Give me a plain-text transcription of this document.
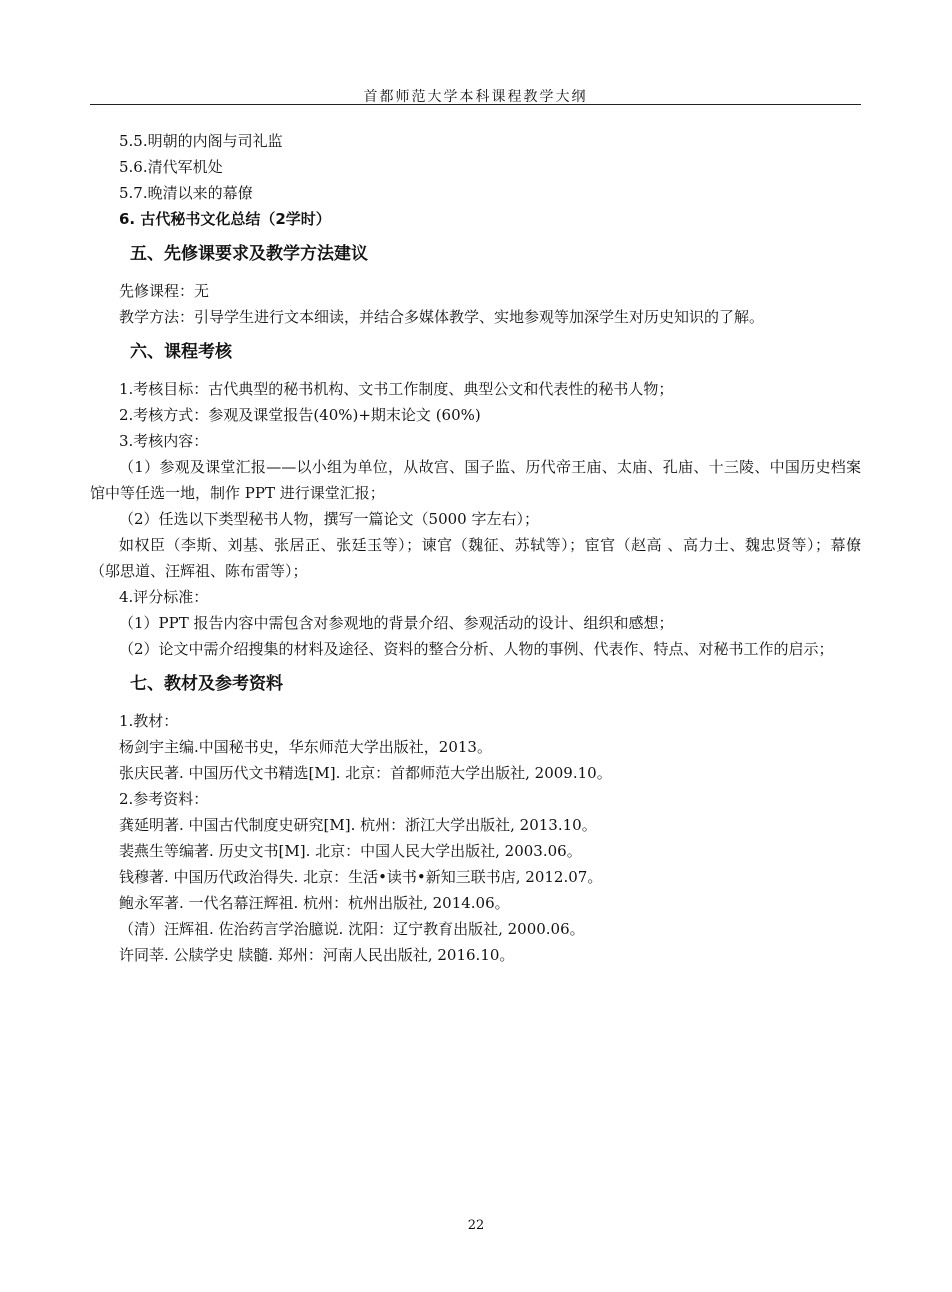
首都师范大学本科课程教学大纲
5.5.明朝的内阁与司礼监
5.6.清代军机处
5.7.晚清以来的幕僚
6. 古代秘书文化总结（2学时）
五、先修课要求及教学方法建议
先修课程：无
教学方法：引导学生进行文本细读，并结合多媒体教学、实地参观等加深学生对历史知识的了解。
六、课程考核
1.考核目标：古代典型的秘书机构、文书工作制度、典型公文和代表性的秘书人物；
2.考核方式：参观及课堂报告(40%)+期末论文 (60%)
3.考核内容：
（1）参观及课堂汇报——以小组为单位，从故宫、国子监、历代帝王庙、太庙、孔庙、十三陵、中国历史档案馆中等任选一地，制作 PPT 进行课堂汇报；
（2）任选以下类型秘书人物，撰写一篇论文（5000 字左右）；
如权臣（李斯、刘基、张居正、张廷玉等）；谏官（魏征、苏轼等）；宦官（赵高 、高力士、魏忠贤等）；幕僚（邬思道、汪辉祖、陈布雷等）；
4.评分标准：
（1）PPT 报告内容中需包含对参观地的背景介绍、参观活动的设计、组织和感想；
（2）论文中需介绍搜集的材料及途径、资料的整合分析、人物的事例、代表作、特点、对秘书工作的启示；
七、教材及参考资料
1.教材：
杨剑宇主编.中国秘书史，华东师范大学出版社，2013。
张庆民著. 中国历代文书精选[M]. 北京：首都师范大学出版社, 2009.10。
2.参考资料：
龚延明著. 中国古代制度史研究[M]. 杭州：浙江大学出版社, 2013.10。
裴燕生等编著. 历史文书[M]. 北京：中国人民大学出版社, 2003.06。
钱穆著. 中国历代政治得失. 北京：生活•读书•新知三联书店, 2012.07。
鲍永军著. 一代名幕汪辉祖. 杭州：杭州出版社, 2014.06。
（清）汪辉祖. 佐治药言学治臆说. 沈阳：辽宁教育出版社, 2000.06。
许同莘. 公牍学史 牍髓. 郑州：河南人民出版社, 2016.10。
22
